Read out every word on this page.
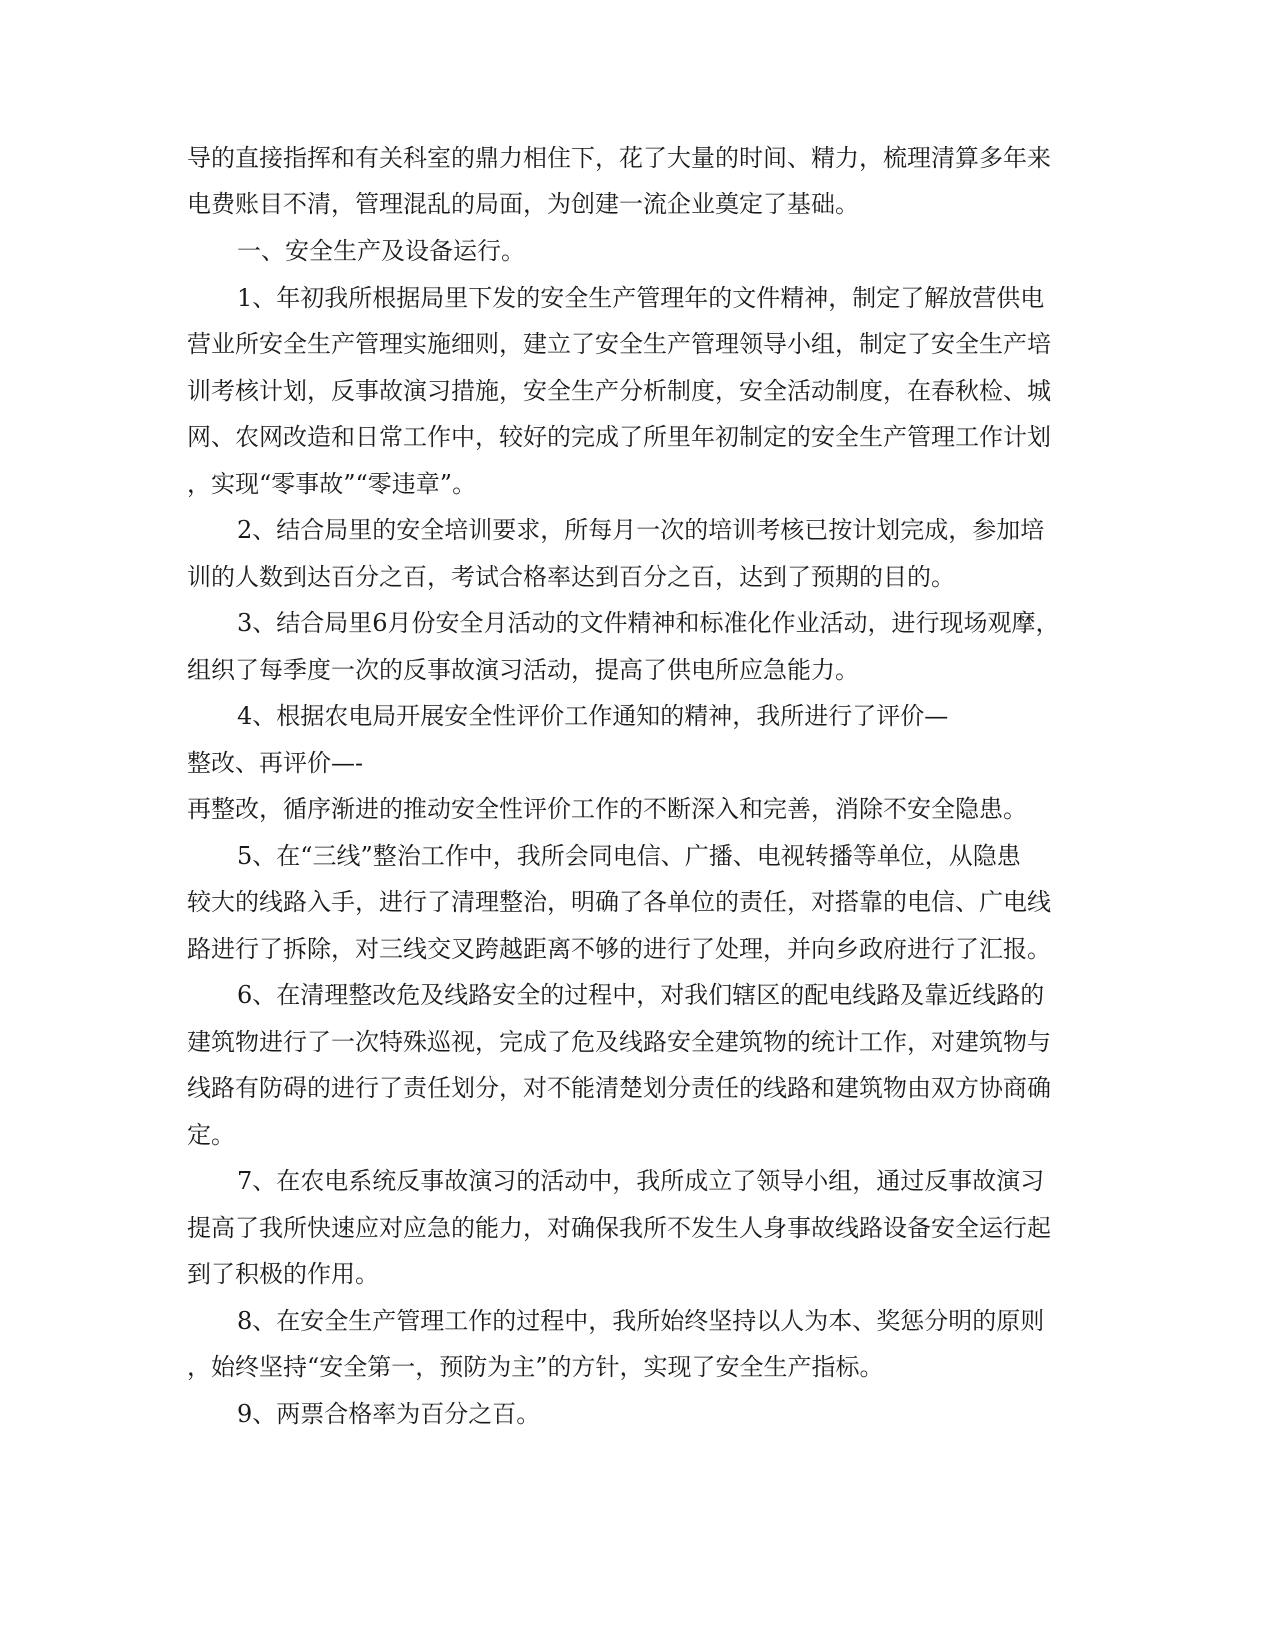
导的直接指挥和有关科室的鼎力相住下，花了大量的时间、精力，梳理清算多年来
电费账目不清，管理混乱的局面，为创建一流企业奠定了基础。
一、安全生产及设备运行。
1、年初我所根据局里下发的安全生产管理年的文件精神，制定了解放营供电
营业所安全生产管理实施细则，建立了安全生产管理领导小组，制定了安全生产培
训考核计划，反事故演习措施，安全生产分析制度，安全活动制度，在春秋检、城
网、农网改造和日常工作中，较好的完成了所里年初制定的安全生产管理工作计划
，实现“零事故”“零违章”。
2、结合局里的安全培训要求，所每月一次的培训考核已按计划完成，参加培
训的人数到达百分之百，考试合格率达到百分之百，达到了预期的目的。
3、结合局里6月份安全月活动的文件精神和标准化作业活动，进行现场观摩，
组织了每季度一次的反事故演习活动，提高了供电所应急能力。
4、根据农电局开展安全性评价工作通知的精神，我所进行了评价—
整改、再评价—-
再整改，循序渐进的推动安全性评价工作的不断深入和完善，消除不安全隐患。
5、在“三线”整治工作中，我所会同电信、广播、电视转播等单位，从隐患
较大的线路入手，进行了清理整治，明确了各单位的责任，对搭靠的电信、广电线
路进行了拆除，对三线交叉跨越距离不够的进行了处理，并向乡政府进行了汇报。
6、在清理整改危及线路安全的过程中，对我们辖区的配电线路及靠近线路的
建筑物进行了一次特殊巡视，完成了危及线路安全建筑物的统计工作，对建筑物与
线路有防碍的进行了责任划分，对不能清楚划分责任的线路和建筑物由双方协商确
定。
7、在农电系统反事故演习的活动中，我所成立了领导小组，通过反事故演习
提高了我所快速应对应急的能力，对确保我所不发生人身事故线路设备安全运行起
到了积极的作用。
8、在安全生产管理工作的过程中，我所始终坚持以人为本、奖惩分明的原则
，始终坚持“安全第一，预防为主”的方针，实现了安全生产指标。
9、两票合格率为百分之百。
